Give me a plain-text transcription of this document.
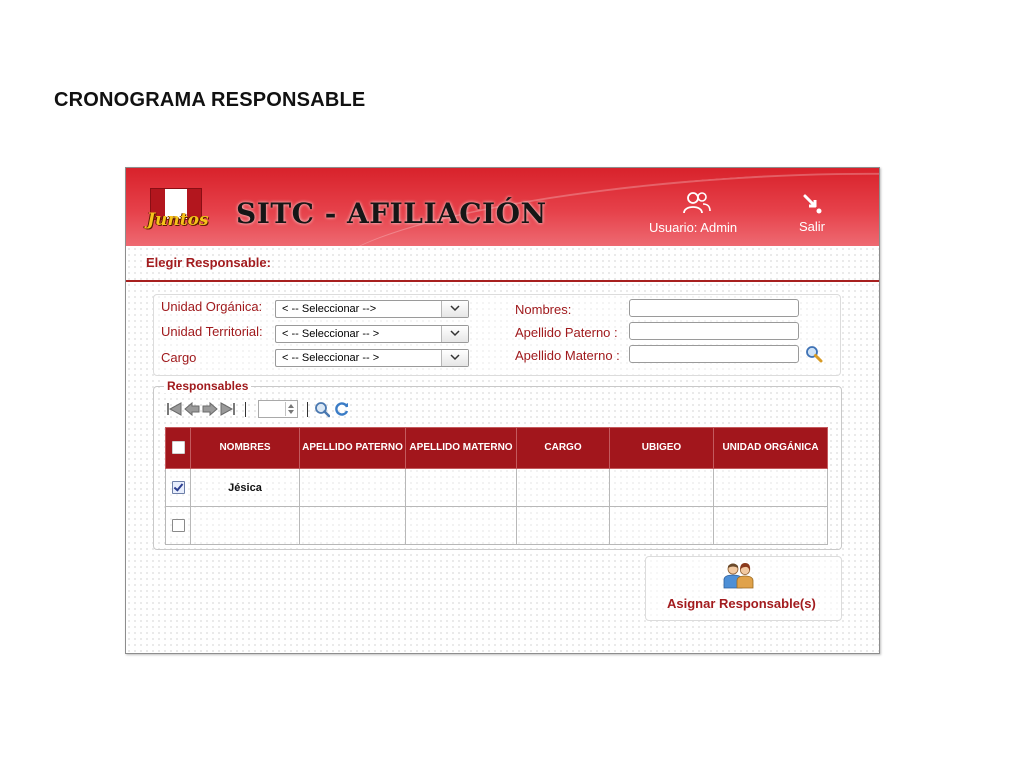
CRONOGRAMA RESPONSABLE
Juntos SITC - AFILIACIÓN	Usuario: Admin	Salir
Elegir Responsable:
Unidad Orgánica: < -- Seleccionar -->
Unidad Territorial: < -- Seleccionar -- >
Cargo	< -- Seleccionar -- >
Nombres:
Apellido Paterno :
Apellido Materno :
Responsables
	NOMBRES	APELLIDO PATERNO	APELLIDO MATERNO	CARGO	UBIGEO	UNIDAD ORGÁNICA
	Jésica					

Asignar Responsable(s)
